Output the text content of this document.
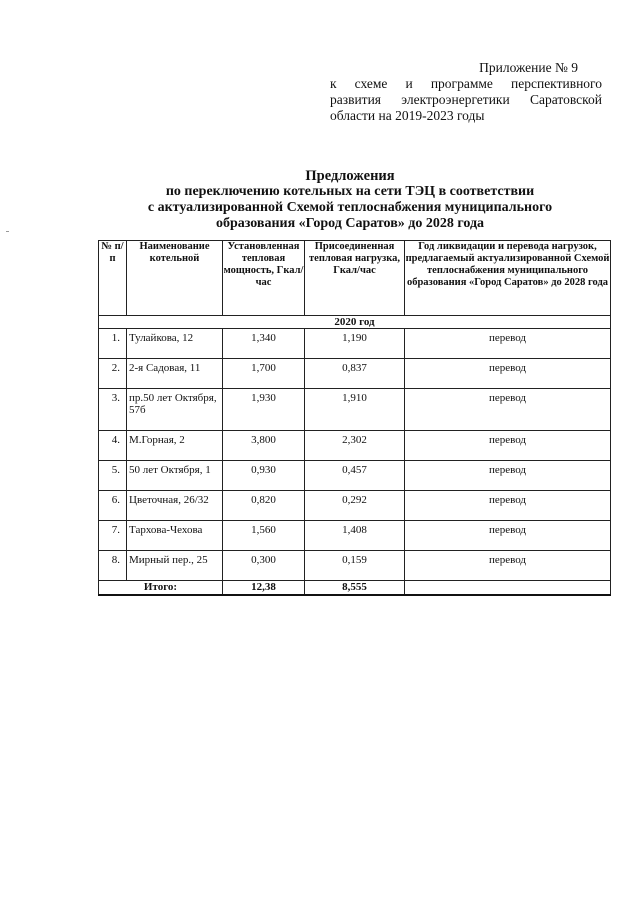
Приложение № 9
к схеме и программе перспективного
развития электроэнергетики Саратовской
области на 2019-2023 годы
Предложения
по переключению котельных на сети ТЭЦ в соответствии
с актуализированной Схемой теплоснабжения муниципального
образования «Город Саратов» до 2028 года
№ п/п	Наименование котельной	Установленная тепловая мощность, Гкал/час	Присоединенная тепловая нагрузка, Гкал/час	Год ликвидации и перевода нагрузок, предлагаемый актуализированной Схемой теплоснабжения муниципального образования «Город Саратов» до 2028 года
2020 год				
1.	Тулайкова, 12	1,340	1,190	перевод
2.	2-я Садовая, 11	1,700	0,837	перевод
3.	пр.50 лет Октября, 57б	1,930	1,910	перевод
4.	М.Горная, 2	3,800	2,302	перевод
5.	50 лет Октября, 1	0,930	0,457	перевод
6.	Цветочная, 26/32	0,820	0,292	перевод
7.	Тархова-Чехова	1,560	1,408	перевод
8.	Мирный пер., 25	0,300	0,159	перевод
Итого:		12,38	8,555	
